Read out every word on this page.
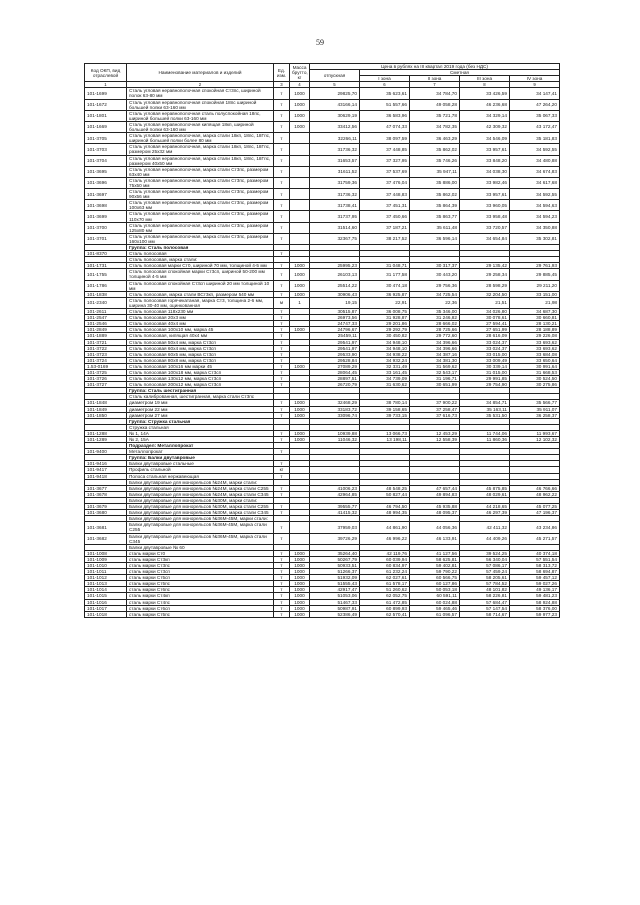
59
Код ОКП, вид отраслевой	Наименование материалов и изделий	Ед. изм.	Масса брутто, кг	Цена в рублях на III квартал 2019 года (без НДС)				
				отпускная	Сметная			
					I зона	II зона	III зона	IV зона
1	2	3	4	5	6	7	8	9
101-1699	Сталь угловая неравнополочная спокойная Ст3пс, шириной полок 63-80 мм	т	1000	29825,70	35 623,61	34 784,70	33 426,59	34 147,41
101-1672	Сталь угловая неравнополочная спокойная 18пс шириной большей полки 63-160 мм	т	1000	43166,14	51 557,66	49 058,28	46 236,68	47 264,20
101-1801	Сталь угловая неравнополочная сталь полуспокойная 18пс, шириной большей полки 63-160 мм	т	1000	30629,19	36 583,96	35 721,78	34 329,14	35 067,33
101-1669	Сталь угловая неравнополочная кипящая 18кп, шириной большей полки 63-160 мм	т	1000	33412,56	47 074,33	34 782,35	42 309,32	43 172,47
101-3705	Сталь угловая неравнополочная, марка стали 18кп, 18пс, 18Гпс, шириной большей полки более 80 мм	т		32266,11	38 097,59	36 463,29	34 546,09	35 181,83
101-3703	Сталь угловая неравнополочная, марка стали 18кп, 18пс, 18Гпс, размером 25х32 мм	т		31736,32	37 448,85	35 862,02	33 957,61	34 592,55
101-3704	Сталь угловая неравнополочная, марка стали 18кп, 18пс, 18Гпс, размером 40х50 мм	т		31653,57	37 327,95	35 746,26	33 848,20	34 480,88
101-3695	Сталь угловая неравнополочная, марка стали Ст3пс, размером 63х40 мм	т		31611,52	37 537,69	35 947,11	34 038,30	34 674,83
101-3696	Сталь угловая неравнополочная, марка стали Ст3пс, размером 75х50 мм	т		31759,36	37 476,04	35 886,00	33 982,46	34 617,68
101-3697	Сталь угловая неравнополочная, марка стали Ст3пс, размером 90х56 мм	т		31736,32	37 448,83	35 862,02	33 957,61	34 592,55
101-3698	Сталь угловая неравнополочная, марка стали Ст3пс, размером 100х63 мм	т		31738,41	37 451,31	35 864,39	33 960,05	34 594,63
101-3699	Сталь угловая неравнополочная, марка стали Ст3пс, размером 110х70 мм	т		31737,95	37 450,66	35 863,77	33 958,48	34 594,23
101-3700	Сталь угловая неравнополочная, марка стали Ст3пс, размером 125х80 мм	т		31514,60	37 187,21	35 611,48	33 720,57	34 350,88
101-3701	Сталь угловая неравнополочная, марка стали Ст3пс, размером 160х100 мм	т		32367,75	38 217,52	36 596,14	34 654,84	35 302,81
	Группа: Сталь полосовая							
101-8370	Сталь полосовая	т						
	Сталь полосовая, марка стали:							
101-1731	Сталь полосовая марки Ст0, шириной 70 мм, толщиной 4-5 мм	т	1000	25995,23	31 048,71	30 317,37	29 135,42	29 761,93
101-1755	Сталь полосовая спокойная марки Ст3сп, шириной 50-200 мм толщиной 4-5 мм	т	1000	26103,13	31 177,58	30 443,20	29 258,34	29 885,45
101-1786	Сталь полосовая спокойная Ст3сп шириной 20 мм толщиной 10 мм	т	1000	25514,22	30 474,18	29 756,36	28 598,29	29 211,20
101-1838	Сталь полосовая, марка стали ВСт3кп, размером 540 мм	т	1000	30906,43	36 925,87	34 725,54	32 204,50	33 151,00
101-2340	Сталь полосовая горячекатаная, марка Ст3, толщина 2-6 мм, ширина 30-40 мм, оцинкованная	м	1	19,15	22,91	22,36	21,51	21,98
101-2611	Сталь полосовая 118х230 мм	т		30515,87	36 008,75	35 346,00	34 026,80	34 687,30
101-2547	Сталь полосовая 20х3 мм	т		26973,56	31 928,87	31 246,82	30 078,61	30 660,81
101-2546	Сталь полосовая 40х4 мм	т		24747,33	29 201,86	28 666,02	27 594,41	28 130,21
101-2849	Сталь полосовая 100х10 мм, марка 45	т	1000	24796,67	29 292,79	28 725,66	27 651,99	28 188,89
101-1889	Сталь полосовая, кипящая 40х4 мм	т		25459,11	30 450,82	29 772,60	28 616,09	29 226,08
101-3721	Сталь полосовая 50х4 мм, марка Ст3сп	т		29541,97	34 948,10	34 396,66	33 024,37	33 693,62
101-3722	Сталь полосовая 60х4 мм, марка Ст3сп	т		29541,97	34 948,10	34 396,66	33 024,37	33 693,62
101-3723	Сталь полосовая 60х5 мм, марка Ст3сп	т		29533,90	34 938,22	34 387,16	33 015,00	33 684,08
101-3724	Сталь полосовая 80х8 мм, марка Ст3сп	т		29528,84	34 932,24	34 381,30	33 009,49	33 650,64
1.53-0169	Сталь полосовая 100х16 мм марки 45	т	1000	27089,29	32 331,49	31 569,62	30 339,14	30 991,64
101-3725	Сталь полосовая 100х18 мм, марка Ст3сп	т		28064,45	33 161,45	32 543,17	31 015,00	31 668,53
101-3726	Сталь полосовая 130х12 мм, марка Ст3сп	т		28897,51	34 739,09	31 196,71	29 991,85	30 524,50
101-3727	Сталь полосовая 200х12 мм, марка Ст3сп	т		26720,79	31 630,62	30 651,99	29 754,90	30 275,86
	Группа: Сталь шестигранная							
	Сталь калиброванная, шестигранная, марка стали Ст3пс							
101-1848	диаметром 19 мм	т	1000	32468,29	38 780,14	37 900,22	34 854,71	35 566,77
101-1849	диаметром 22 мм	т	1000	33183,72	39 158,65	37 258,47	35 163,11	35 911,07
101-1850	диаметром 27 мм	т	1000	33096,74	39 733,15	37 616,73	35 531,50	36 258,37
	Группа: Стружка стальная							
	Стружка стальная							
101-1288	№ 1, 14А	т	1000	10939,88	13 066,73	12 453,29	11 744,06	11 993,67
101-1289	№ 2, 15А	т	1000	11046,32	13 198,11	12 558,39	11 860,36	12 102,32
	Подраздел: Металлопрокат							
101-9400	Металлопрокат	т						
	Группа: Балки двутавровые							
101-9416	Балки двутавровые стальные	т						
101-9417	Профиль стальной	кг						
101-9418	Полоса стальная нержавеющая	т						
	Балки двутавровые для монорельсов №24М, марки стали:							
101-3677	Балки двутавровые для монорельсов №24М, марка стали С255	т		41006,23	48 548,25	47 657,44	45 875,85	46 766,66
101-3678	Балки двутавровые для монорельсов №24М, марка стали С345	т		42964,85	50 827,44	49 894,83	48 029,61	48 962,22
	Балки двутавровые для монорельсов №30М, марки стали:							
101-3679	Балки двутавровые для монорельсов №30М, марка стали С255	т		39555,77	46 794,50	45 935,88	44 218,65	45 077,25
101-3680	Балки двутавровые для монорельсов №30М, марка стали С345	т		41415,32	48 994,35	48 095,37	46 297,39	47 196,37
	Балки двутавровые для монорельсов №36М-45М, марки стали:							
101-3681	Балки двутавровые для монорельсов №36М-45М, марка стали С255	т		37959,03	44 861,90	44 056,36	42 411,32	43 234,86
101-3682	Балки двутавровые для монорельсов №36М-45М, марка стали С345	т		39726,29	46 996,22	46 133,91	44 409,26	45 271,57
	Балки двутавровые № 60							
101-1008	сталь марки Ст0	т	1000	35264,40	42 119,76	41 127,56	39 524,25	40 374,18
101-1009	сталь марки Ст3кп	т	1000	50267,79	60 039,94	58 625,81	56 340,04	57 551,54
101-1010	сталь марки Ст3пс	т	1000	50933,51	60 834,97	59 402,81	57 086,17	58 313,72
101-1011	сталь марки Ст3сп	т	1000	51266,37	61 232,24	59 790,22	57 459,24	58 694,87
101-1012	сталь марки Ст5сп	т	1000	51932,09	62 027,61	60 566,75	58 205,61	59 457,12
101-1013	сталь марки Ст5пс	т	1000	51555,43	61 578,17	60 127,86	57 784,52	59 027,26
101-1014	сталь марки Ст6пс	т	1000	42917,47	51 260,62	50 053,18	48 101,82	49 136,17
101-1015	сталь марки Ст4кп	т	1000	51053,06	62 052,75	60 591,11	58 226,81	59 481,23
101-1016	сталь марки Ст4пс	т	1000	51467,33	61 472,85	60 024,88	57 684,47	58 924,88
101-1017	сталь марки Ст6сп	т	1000	50987,91	60 899,93	59 465,46	57 147,54	58 376,00
101-1018	сталь марки Ст5пс	т	1000	52386,49	62 570,41	61 096,57	58 714,67	59 977,23
